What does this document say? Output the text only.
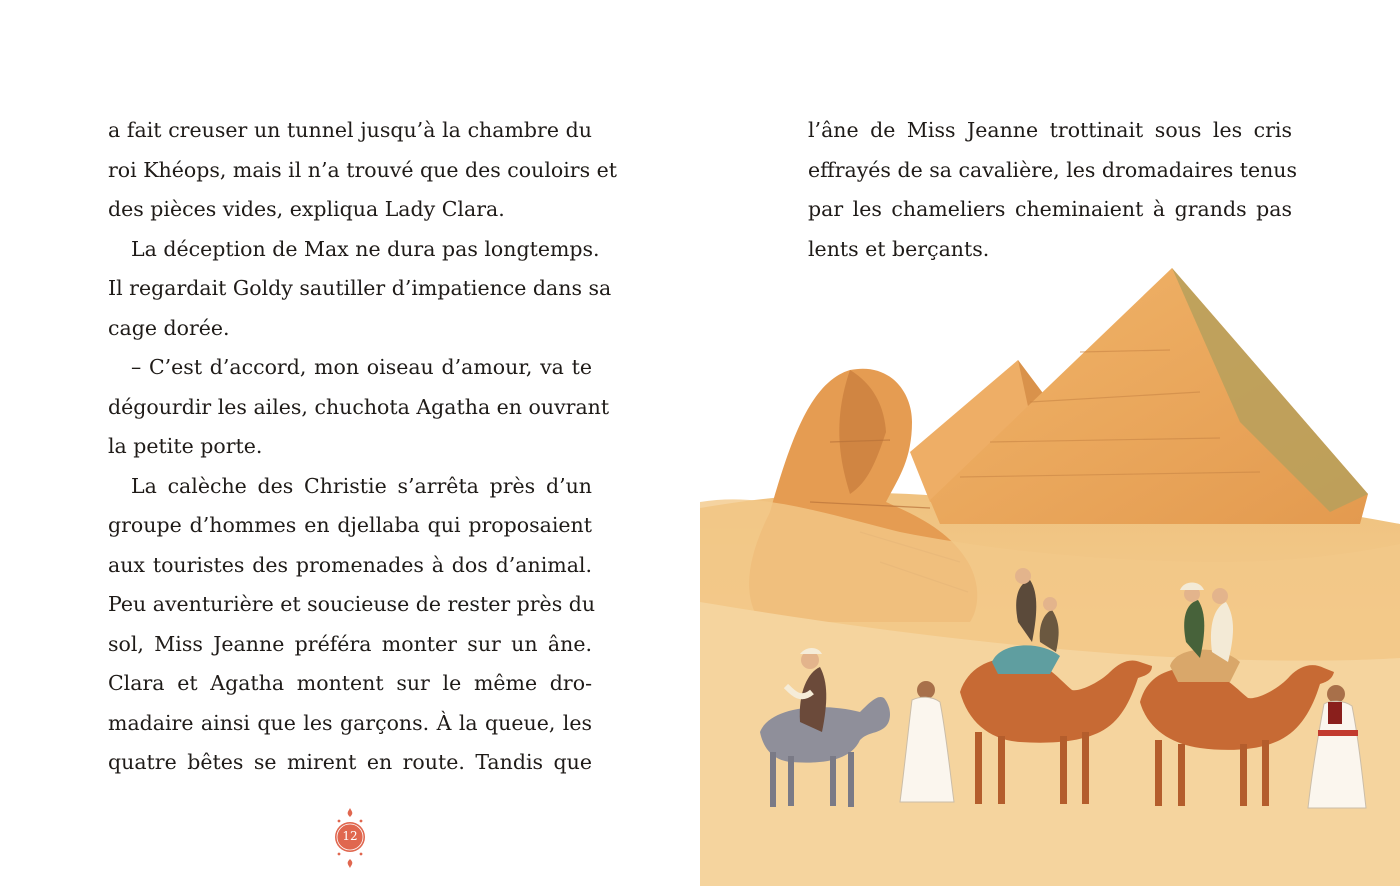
a fait creuser un tunnel jusqu’à la chambre du
roi Khéops, mais il n’a trouvé que des couloirs et
des pièces vides, expliqua Lady Clara.
La déception de Max ne dura pas longtemps.
Il regardait Goldy sautiller d’impatience dans sa
cage dorée.
– C’est d’accord, mon oiseau d’amour, va te
dégourdir les ailes, chuchota Agatha en ouvrant
la petite porte.
La calèche des Christie s’arrêta près d’un
groupe d’hommes en djellaba qui proposaient
aux touristes des promenades à dos d’animal.
Peu aventurière et soucieuse de rester près du
sol, Miss Jeanne préféra monter sur un âne.
Clara et Agatha montent sur le même dro-
madaire ainsi que les garçons. À la queue, les
quatre bêtes se mirent en route. Tandis que
12
l’âne de Miss Jeanne trottinait sous les cris
effrayés de sa cavalière, les dromadaires tenus
par les chameliers cheminaient à grands pas
lents et berçants.
